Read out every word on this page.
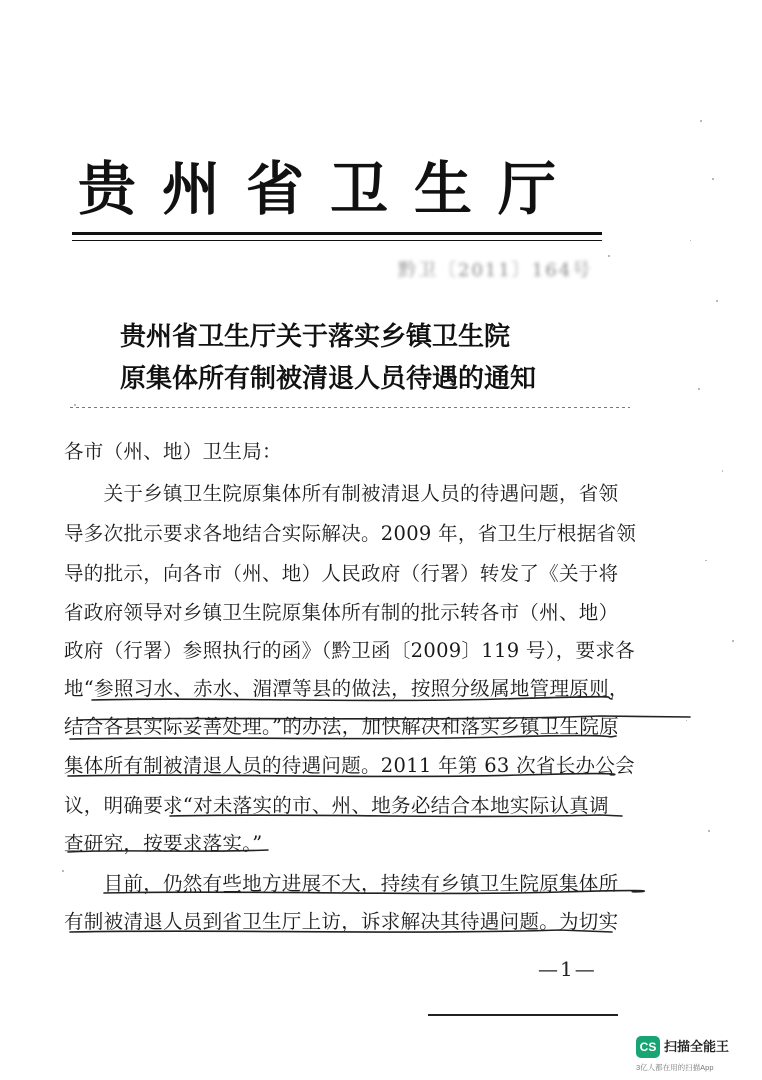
贵州省卫生厅
黔卫〔2011〕164号
贵州省卫生厅关于落实乡镇卫生院
原集体所有制被清退人员待遇的通知
各市（州、地）卫生局：
　　关于乡镇卫生院原集体所有制被清退人员的待遇问题，省领
导多次批示要求各地结合实际解决。2009 年，省卫生厅根据省领
导的批示，向各市（州、地）人民政府（行署）转发了《关于将
省政府领导对乡镇卫生院原集体所有制的批示转各市（州、地）
政府（行署）参照执行的函》（黔卫函〔2009〕119 号），要求各
地“参照习水、赤水、湄潭等县的做法，按照分级属地管理原则，
结合各县实际妥善处理。”的办法，加快解决和落实乡镇卫生院原
集体所有制被清退人员的待遇问题。2011 年第 63 次省长办公会
议，明确要求“对未落实的市、州、地务必结合本地实际认真调
查研究，按要求落实。”
　　目前，仍然有些地方进展不大，持续有乡镇卫生院原集体所
有制被清退人员到省卫生厅上访，诉求解决其待遇问题。为切实
—1—
CS 扫描全能王
3亿人都在用的扫描App
